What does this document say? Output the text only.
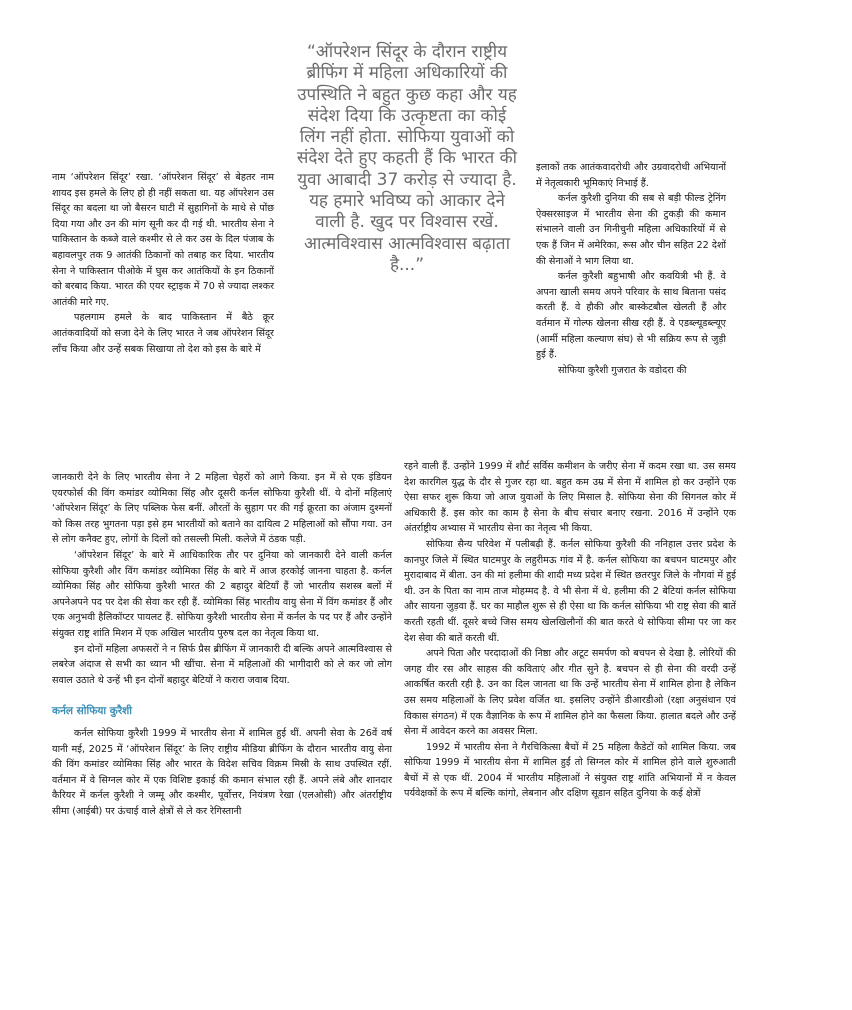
“ऑपरेशन सिंदूर के दौरान राष्ट्रीय ब्रीफिंग में महिला अधिकारियों की उपस्थिति ने बहुत कुछ कहा और यह संदेश दिया कि उत्कृष्टता का कोई लिंग नहीं होता. सोफिया युवाओं को संदेश देते हुए कहती हैं कि भारत की युवा आबादी 37 करोड़ से ज्यादा है. यह हमारे भविष्य को आकार देने वाली है. खुद पर विश्वास रखें. आत्मविश्वास आत्मविश्वास बढ़ाता है...”

नाम ‘ऑपरेशन सिंदूर’ रखा. ‘ऑपरेशन सिंदूर’ से बेहतर नाम शायद इस हमले के लिए हो ही नहीं सकता था. यह ऑपरेशन उस सिंदूर का बदला था जो बैसरन घाटी में सुहागिनों के माथे से पोंछ दिया गया और उन की मांग सूनी कर दी गई थी. भारतीय सेना ने पाकिस्तान के कब्जे वाले कश्मीर से ले कर उस के दिल पंजाब के बहावलपुर तक 9 आतंकी ठिकानों को तबाह कर दिया. भारतीय सेना ने पाकिस्तान पीओके में घुस कर आतंकियों के इन ठिकानों को बरबाद किया. भारत की एयर स्ट्राइक में 70 से ज्यादा लश्कर आतंकी मारे गए.

पहलगाम हमले के बाद पाकिस्तान में बैठे क्रूर आतंकवादियों को सजा देने के लिए भारत ने जब ऑपरेशन सिंदूर लॉंच किया और उन्हें सबक सिखाया तो देश को इस के बारे में

इलाकों तक आतंकवादरोधी और उग्रवादरोधी अभियानों में नेतृत्वकारी भूमिकाएं निभाई हैं.

कर्नल कुरैशी दुनिया की सब से बड़ी फील्ड ट्रेनिंग ऐक्सरसाइज में भारतीय सेना की टुकड़ी की कमान संभालने वाली उन गिनीचुनी महिला अधिकारियों में से एक हैं जिन में अमेरिका, रूस और चीन सहित 22 देशों की सेनाओं ने भाग लिया था.

कर्नल कुरैशी बहुभाषी और कवयित्री भी हैं. वे अपना खाली समय अपने परिवार के साथ बिताना पसंद करती हैं. वे हौकी और बास्केटबौल खेलती हैं और वर्तमान में गोल्फ खेलना सीख रही हैं. वे एडब्ल्यूडब्ल्यूए (आर्मी महिला कल्याण संघ) से भी सक्रिय रूप से जुड़ी हुई हैं.

सोफिया कुरैशी गुजरात के वडोदरा की

जानकारी देने के लिए भारतीय सेना ने 2 महिला चेहरों को आगे किया. इन में से एक इंडियन एयरफोर्स की विंग कमांडर व्योमिका सिंह और दूसरी कर्नल सोफिया कुरैशी थीं. ये दोनों महिलाएं ‘ऑपरेशन सिंदूर’ के लिए पब्लिक फेस बनीं. औरतों के सुहाग पर की गई क्रूरता का अंजाम दुश्मनों को किस तरह भुगतना पड़ा इसे हम भारतीयों को बताने का दायित्व 2 महिलाओं को सौंपा गया. उन से लोग कनैक्ट हुए, लोगों के दिलों को तसल्ली मिली. कलेजे में ठंडक पड़ी.

‘ऑपरेशन सिंदूर’ के बारे में आधिकारिक तौर पर दुनिया को जानकारी देने वाली कर्नल सोफिया कुरैशी और विंग कमांडर व्योमिका सिंह के बारे में आज हरकोई जानना चाहता है. कर्नल व्योमिका सिंह और सोफिया कुरैशी भारत की 2 बहादुर बेटियाँ हैं जो भारतीय सशस्त्र बलों में अपनेअपने पद पर देश की सेवा कर रही हैं. व्योमिका सिंह भारतीय वायु सेना में विंग कमांडर हैं और एक अनुभवी हैलिकॉप्टर पायलट हैं. सोफिया कुरैशी भारतीय सेना में कर्नल के पद पर हैं और उन्होंने संयुक्त राष्ट्र शांति मिशन में एक अखिल भारतीय पुरुष दल का नेतृत्व किया था.

इन दोनों महिला अफसरों ने न सिर्फ प्रैस ब्रीफिंग में जानकारी दी बल्कि अपने आत्मविश्वास से लबरेज अंदाज से सभी का ध्यान भी खींचा. सेना में महिलाओं की भागीदारी को ले कर जो लोग सवाल उठाते थे उन्हें भी इन दोनों बहादुर बेटियों ने करारा जवाब दिया.

कर्नल सोफिया कुरैशी

कर्नल सोफिया कुरैशी 1999 में भारतीय सेना में शामिल हुई थीं. अपनी सेवा के 26वें वर्ष यानी मई, 2025 में ‘ऑपरेशन सिंदूर’ के लिए राष्ट्रीय मीडिया ब्रीफिंग के दौरान भारतीय वायु सेना की विंग कमांडर व्योमिका सिंह और भारत के विदेश सचिव विक्रम मिस्री के साथ उपस्थित रहीं. वर्तमान में वे सिग्नल कोर में एक विशिष्ट इकाई की कमान संभाल रही हैं. अपने लंबे और शानदार कैरियर में कर्नल कुरैशी ने जम्मू और कश्मीर, पूर्वोत्तर, नियंत्रण रेखा (एलओसी) और अंतर्राष्ट्रीय सीमा (आईबी) पर ऊंचाई वाले क्षेत्रों से ले कर रेगिस्तानी

रहने वाली हैं. उन्होंने 1999 में शौर्ट सर्विस कमीशन के जरीए सेना में कदम रखा था. उस समय देश कारगिल युद्ध के दौर से गुजर रहा था. बहुत कम उम्र में सेना में शामिल हो कर उन्होंने एक ऐसा सफर शुरू किया जो आज युवाओं के लिए मिसाल है. सोफिया सेना की सिगनल कोर में अधिकारी हैं. इस कोर का काम है सेना के बीच संचार बनाए रखना. 2016 में उन्होंने एक अंतर्राष्ट्रीय अभ्यास में भारतीय सेना का नेतृत्व भी किया.

सोफिया सैन्य परिवेश में पलीबढ़ी हैं. कर्नल सोफिया कुरैशी की ननिहाल उत्तर प्रदेश के कानपुर जिले में स्थित घाटमपुर के लहुरीमऊ गांव में है. कर्नल सोफिया का बचपन घाटमपुर और मुरादाबाद में बीता. उन की मां हलीमा की शादी मध्य प्रदेश में स्थित छतरपुर जिले के नौगवां में हुई थी. उन के पिता का नाम ताज मोहम्मद है. वे भी सेना में थे. हलीमा की 2 बेटियां कर्नल सोफिया और सायना जुड़वा हैं. घर का माहौल शुरू से ही ऐसा था कि कर्नल सोफिया भी राष्ट्र सेवा की बातें करती रहती थीं. दूसरे बच्चे जिस समय खेलखिलौनों की बात करते थे सोफिया सीमा पर जा कर देश सेवा की बातें करती थीं.

अपने पिता और परदादाओं की निष्ठा और अटूट समर्पण को बचपन से देखा है. लोरियों की जगह वीर रस और साहस की कविताएं और गीत सुने है. बचपन से ही सेना की वरदी उन्हें आकर्षित करती रही है. उन का दिल जानता था कि उन्हें भारतीय सेना में शामिल होना है लेकिन उस समय महिलाओं के लिए प्रवेश वर्जित था. इसलिए उन्होंने डीआरडीओ (रक्षा अनुसंधान एवं विकास संगठन) में एक वैज्ञानिक के रूप में शामिल होने का फैसला किया. हालात बदले और उन्हें सेना में आवेदन करने का अवसर मिला.

1992 में भारतीय सेना ने गैरचिकित्सा बैचों में 25 महिला कैडेटों को शामिल किया. जब सोफिया 1999 में भारतीय सेना में शामिल हुईं तो सिग्नल कोर में शामिल होने वाले शुरुआती बैचों में से एक थीं. 2004 में भारतीय महिलाओं ने संयुक्त राष्ट्र शांति अभियानों में न केवल पर्यवेक्षकों के रूप में बल्कि कांगो, लेबनान और दक्षिण सूडान सहित दुनिया के कई क्षेत्रों
